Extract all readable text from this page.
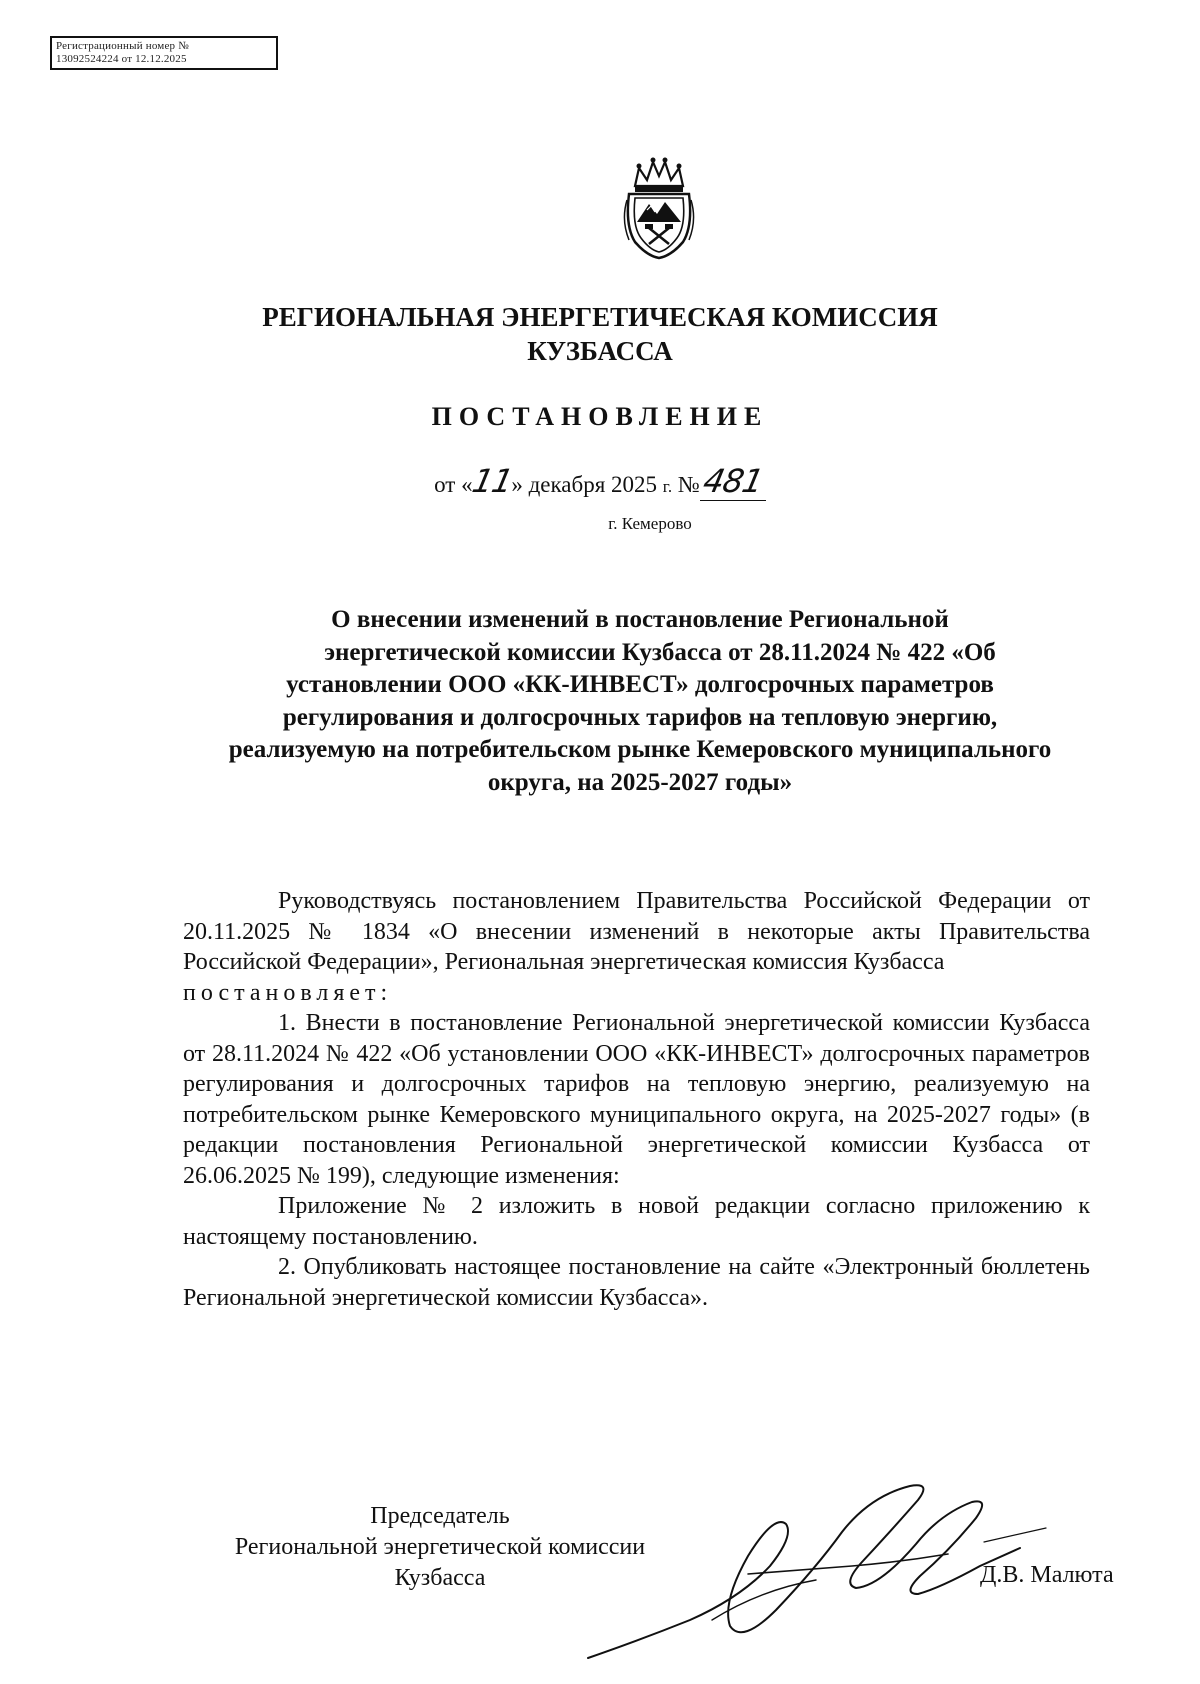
Регистрационный номер №
13092524224 от 12.12.2025
РЕГИОНАЛЬНАЯ ЭНЕРГЕТИЧЕСКАЯ КОМИССИЯ
КУЗБАССА
ПОСТАНОВЛЕНИЕ
от «11» декабря 2025 г. №481
г. Кемерово
О внесении изменений в постановление Региональной
энергетической комиссии Кузбасса от 28.11.2024 № 422 «Об
установлении ООО «КК-ИНВЕСТ» долгосрочных параметров
регулирования и долгосрочных тарифов на тепловую энергию,
реализуемую на потребительском рынке Кемеровского муниципального
округа, на 2025-2027 годы»

Руководствуясь постановлением Правительства Российской Федерации от 20.11.2025 № 1834 «О внесении изменений в некоторые акты Правительства Российской Федерации», Региональная энергетическая комиссия Кузбасса

постановляет:

1. Внести в постановление Региональной энергетической комиссии Кузбасса от 28.11.2024 № 422 «Об установлении ООО «КК-ИНВЕСТ» долгосрочных параметров регулирования и долгосрочных тарифов на тепловую энергию, реализуемую на потребительском рынке Кемеровского муниципального округа, на 2025-2027 годы» (в редакции постановления Региональной энергетической комиссии Кузбасса от 26.06.2025 № 199), следующие изменения:

Приложение № 2 изложить в новой редакции согласно приложению к настоящему постановлению.

2. Опубликовать настоящее постановление на сайте «Электронный бюллетень Региональной энергетической комиссии Кузбасса».

Председатель
Региональной энергетической комиссии
Кузбасса	Д.В. Малюта
